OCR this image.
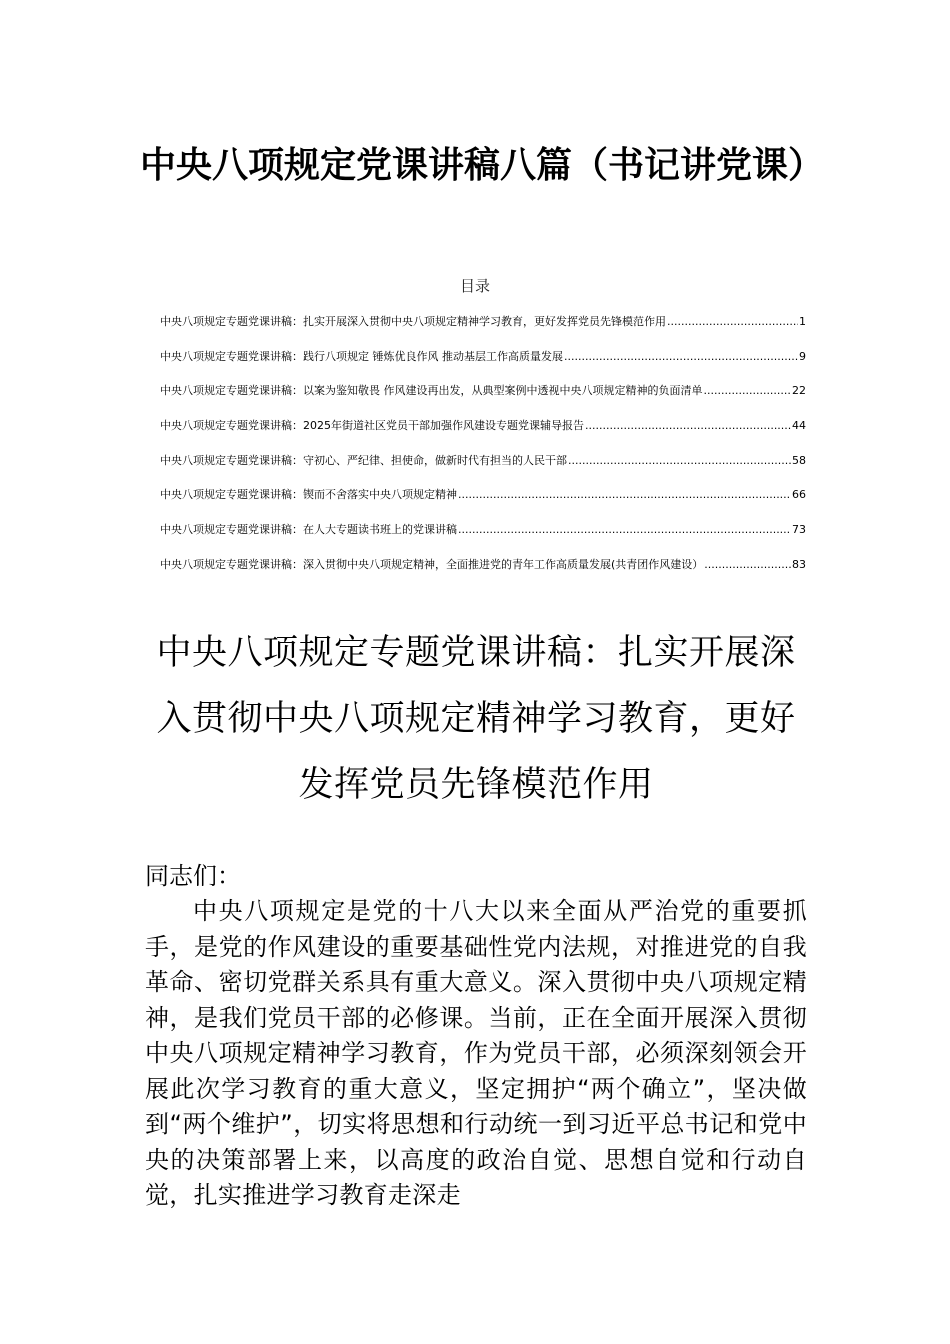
中央八项规定党课讲稿八篇（书记讲党课）
目录
中央八项规定专题党课讲稿：扎实开展深入贯彻中央八项规定精神学习教育，更好发挥党员先锋模范作用 .....	1
中央八项规定专题党课讲稿：践行八项规定 锤炼优良作风 推动基层工作高质量发展 .....	9
中央八项规定专题党课讲稿：以案为鉴知敬畏 作风建设再出发，从典型案例中透视中央八项规定精神的负面清单 .....	22
中央八项规定专题党课讲稿：2025年街道社区党员干部加强作风建设专题党课辅导报告 .....	44
中央八项规定专题党课讲稿：守初心、严纪律、担使命，做新时代有担当的人民干部 .....	58
中央八项规定专题党课讲稿：锲而不舍落实中央八项规定精神 .....	66
中央八项规定专题党课讲稿：在人大专题读书班上的党课讲稿 .....	73
中央八项规定专题党课讲稿：深入贯彻中央八项规定精神，全面推进党的青年工作高质量发展(共青团作风建设） .....	83
中央八项规定专题党课讲稿：扎实开展深入贯彻中央八项规定精神学习教育，更好发挥党员先锋模范作用
同志们：

中央八项规定是党的十八大以来全面从严治党的重要抓手，是党的作风建设的重要基础性党内法规，对推进党的自我革命、密切党群关系具有重大意义。深入贯彻中央八项规定精神，是我们党员干部的必修课。当前，正在全面开展深入贯彻中央八项规定精神学习教育，作为党员干部，必须深刻领会开展此次学习教育的重大意义，坚定拥护“两个确立”，坚决做到“两个维护”，切实将思想和行动统一到习近平总书记和党中央的决策部署上来，以高度的政治自觉、思想自觉和行动自觉，扎实推进学习教育走深走
